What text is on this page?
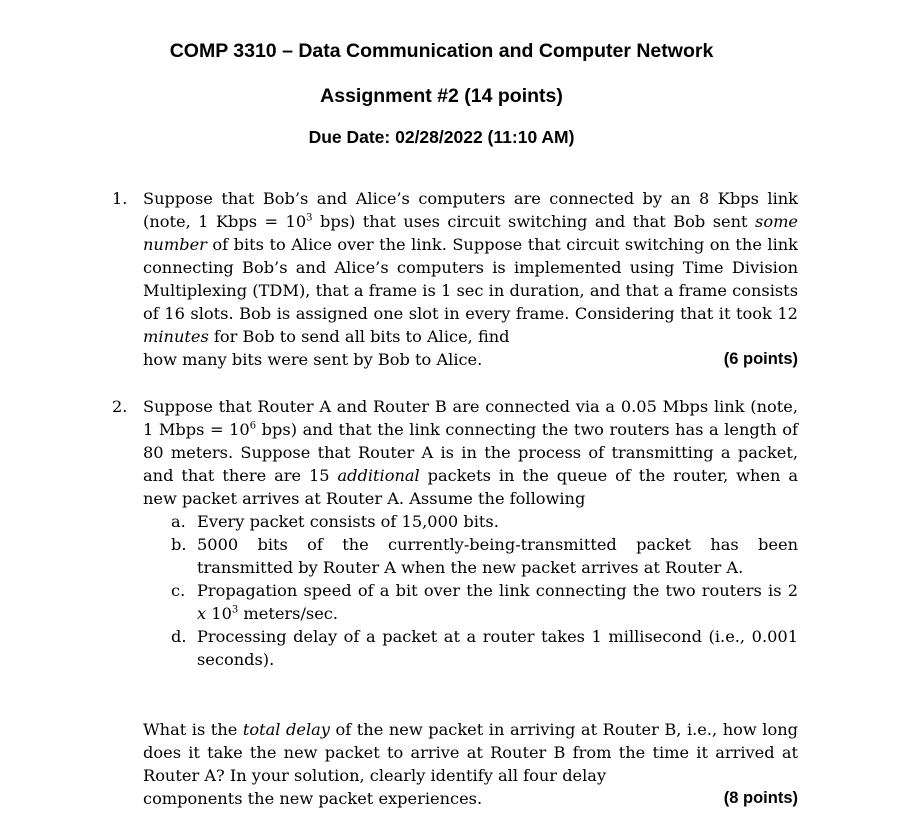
COMP 3310 – Data Communication and Computer Network
Assignment #2 (14 points)
Due Date: 02/28/2022 (11:10 AM)
1. Suppose that Bob’s and Alice’s computers are connected by an 8 Kbps link (note, 1 Kbps = $10^3$ bps) that uses circuit switching and that Bob sent some number of bits to Alice over the link. Suppose that circuit switching on the link connecting Bob’s and Alice’s computers is implemented using Time Division Multiplexing (TDM), that a frame is 1 sec in duration, and that a frame consists of 16 slots. Bob is assigned one slot in every frame. Considering that it took 12 minutes for Bob to send all bits to Alice, find
how many bits were sent by Bob to Alice.	(6 points)
2. Suppose that Router A and Router B are connected via a 0.05 Mbps link (note, 1 Mbps = $10^6$ bps) and that the link connecting the two routers has a length of 80 meters. Suppose that Router A is in the process of transmitting a packet, and that there are 15 additional packets in the queue of the router, when a new packet arrives at Router A. Assume the following
a. Every packet consists of 15,000 bits.
b. 5000 bits of the currently-being-transmitted packet has been transmitted by Router A when the new packet arrives at Router A.
c. Propagation speed of a bit over the link connecting the two routers is 2 x $10^3$ meters/sec.
d. Processing delay of a packet at a router takes 1 millisecond (i.e., 0.001 seconds).
What is the total delay of the new packet in arriving at Router B, i.e., how long does it take the new packet to arrive at Router B from the time it arrived at Router A? In your solution, clearly identify all four delay
components the new packet experiences.	(8 points)
